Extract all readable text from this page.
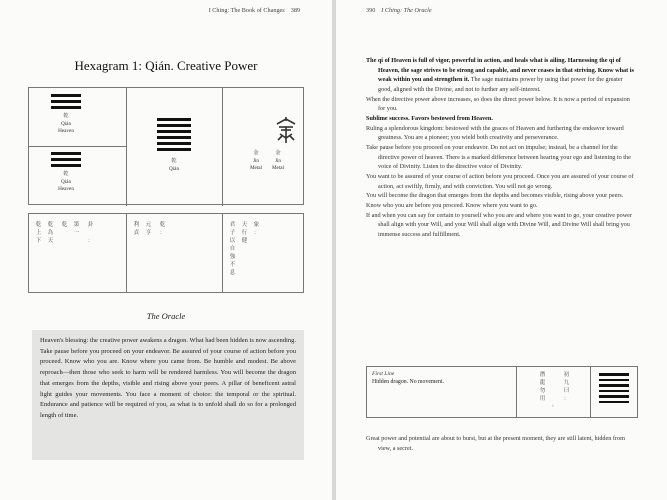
I Ching: The Book of Changes 389
Hexagram 1: Qián. Creative Power
乾
Qián
Heaven
乾
Qián
Heaven
乾
Qián
金
Jin
Metal
金
Jin
Metal
乾上下
乾為天
乾 第一
卦
：
利貞
元亨
乾
：
君子以自強不息
天行健
象
：
The Oracle

Heaven's blessing: the creative power awakens a dragon. What had been hidden is now ascending. Take pause before you proceed on your endeavor. Be assured of your course of action before you proceed. Know who you are. Know where you came from. Be humble and modest. Be above reproach—then those who seek to harm will be rendered harmless. You will become the dragon that emerges from the depths, visible and rising above your peers. A pillar of beneficent astral light guides your movements. You face a moment of choice: the temporal or the spiritual. Endurance and patience will be required of you, as what is to unfold shall do so for a prolonged length of time.

390 I Ching: The Oracle

The qi of Heaven is full of vigor, powerful in action, and heals what is ailing. Harnessing the qi of Heaven, the sage strives to be strong and capable, and never ceases in that striving. Know what is weak within you and strengthen it. The sage maintains power by using that power for the greater good, aligned with the Divine, and not to further any self-interest.

When the directive power above increases, so does the direct power below. It is now a period of expansion for you.

Sublime success. Favors bestowed from Heaven.

Ruling a splendorous kingdom: bestowed with the graces of Heaven and furthering the endeavor toward greatness. You are a pioneer; you wield both creativity and perseverance.

Take pause before you proceed on your endeavor. Do not act on impulse; instead, be a channel for the directive power of heaven. There is a marked difference between hearing your ego and listening to the voice of Divinity. Listen to the directive voice of Divinity.

You want to be assured of your course of action before you proceed. Once you are assured of your course of action, act swiftly, firmly, and with conviction. You will not go wrong.

You will become the dragon that emerges from the depths and becomes visible, rising above your peers.

Know who you are before you proceed. Know where you want to go.

If and when you can say for certain to yourself who you are and where you want to go, your creative power shall align with your Will, and your Will shall align with Divine Will, and Divine Will shall bring you immense success and fulfillment.

First Line
Hidden dragon. No movement.
初九曰
：
潛龍勿用
。

Great power and potential are about to burst, but at the present moment, they are still latent, hidden from view, a secret.
